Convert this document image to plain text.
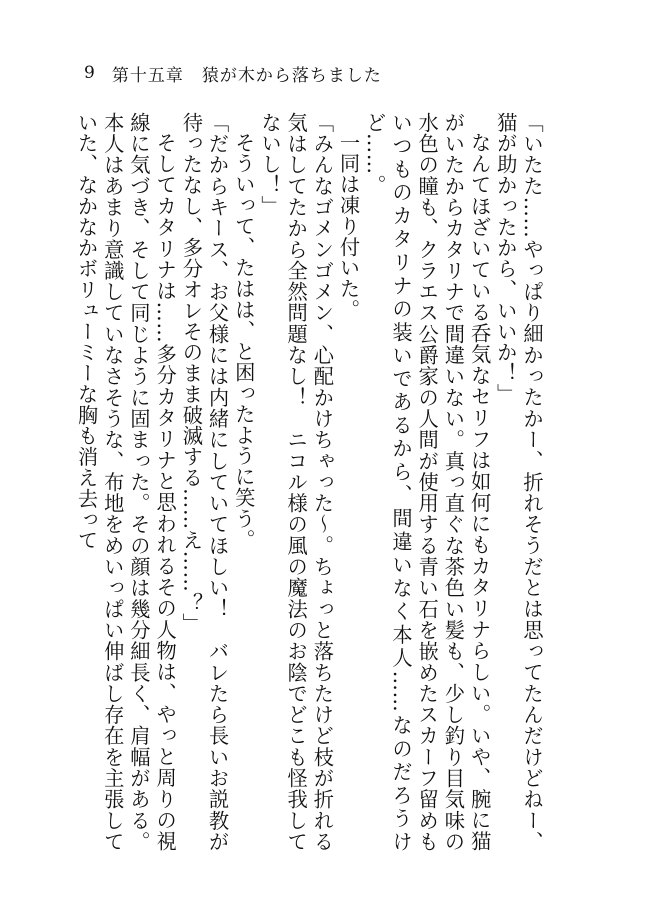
9 第十五章 猿が木から落ちました

「いたた……やっぱり細かったかー、折れそうだとは思ってたんだけどねー、猫が助かったから、いいか！」

なんてほざいている呑気なセリフは如何にもカタリナらしい。いや、腕に猫がいたからカタリナで間違いない。真っ直ぐな茶色い髪も、少し釣り目気味の水色の瞳も、クラエス公爵家の人間が使用する青い石を嵌めたスカーフ留めもいつものカタリナの装いであるから、間違いなく本人……なのだろうけど……。

一同は凍り付いた。

「みんなゴメンゴメン、心配かけちゃった～。ちょっと落ちたけど枝が折れる気はしてたから全然問題なし！　ニコル様の風の魔法のお陰でどこも怪我してないし！」

そういって、たはは、と困ったように笑う。

「だからキース、お父様には内緒にしていてほしい！　バレたら長いお説教が待ったなし、多分オレそのまま破滅する……え……？」

そしてカタリナは……多分カタリナと思われるその人物は、やっと周りの視線に気づき、そして同じように固まった。その顔は幾分細長く、肩幅がある。本人はあまり意識していなさそうな、布地をめいっぱい伸ばし存在を主張していた、なかなかボリューミーな胸も消え去って
